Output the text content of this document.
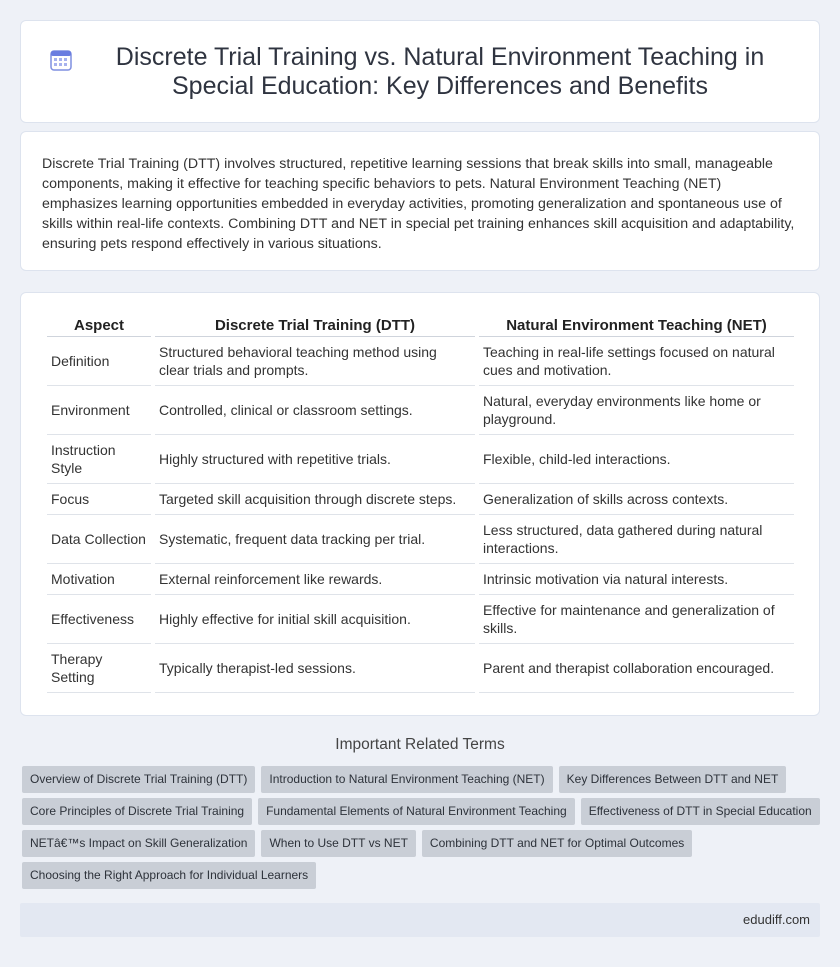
Discrete Trial Training vs. Natural Environment Teaching in Special Education: Key Differences and Benefits

Discrete Trial Training (DTT) involves structured, repetitive learning sessions that break skills into small, manageable components, making it effective for teaching specific behaviors to pets. Natural Environment Teaching (NET) emphasizes learning opportunities embedded in everyday activities, promoting generalization and spontaneous use of skills within real-life contexts. Combining DTT and NET in special pet training enhances skill acquisition and adaptability, ensuring pets respond effectively in various situations.

Aspect	Discrete Trial Training (DTT)	Natural Environment Teaching (NET)
Definition	Structured behavioral teaching method using clear trials and prompts.	Teaching in real-life settings focused on natural cues and motivation.
Environment	Controlled, clinical or classroom settings.	Natural, everyday environments like home or playground.
Instruction Style	Highly structured with repetitive trials.	Flexible, child-led interactions.
Focus	Targeted skill acquisition through discrete steps.	Generalization of skills across contexts.
Data Collection	Systematic, frequent data tracking per trial.	Less structured, data gathered during natural interactions.
Motivation	External reinforcement like rewards.	Intrinsic motivation via natural interests.
Effectiveness	Highly effective for initial skill acquisition.	Effective for maintenance and generalization of skills.
Therapy Setting	Typically therapist-led sessions.	Parent and therapist collaboration encouraged.
Important Related Terms
Overview of Discrete Trial Training (DTT)	Introduction to Natural Environment Teaching (NET)	Key Differences Between DTT and NET
Core Principles of Discrete Trial Training	Fundamental Elements of Natural Environment Teaching	Effectiveness of DTT in Special Education
NETâ€™s Impact on Skill Generalization	When to Use DTT vs NET	Combining DTT and NET for Optimal Outcomes
Choosing the Right Approach for Individual Learners
edudiff.com
